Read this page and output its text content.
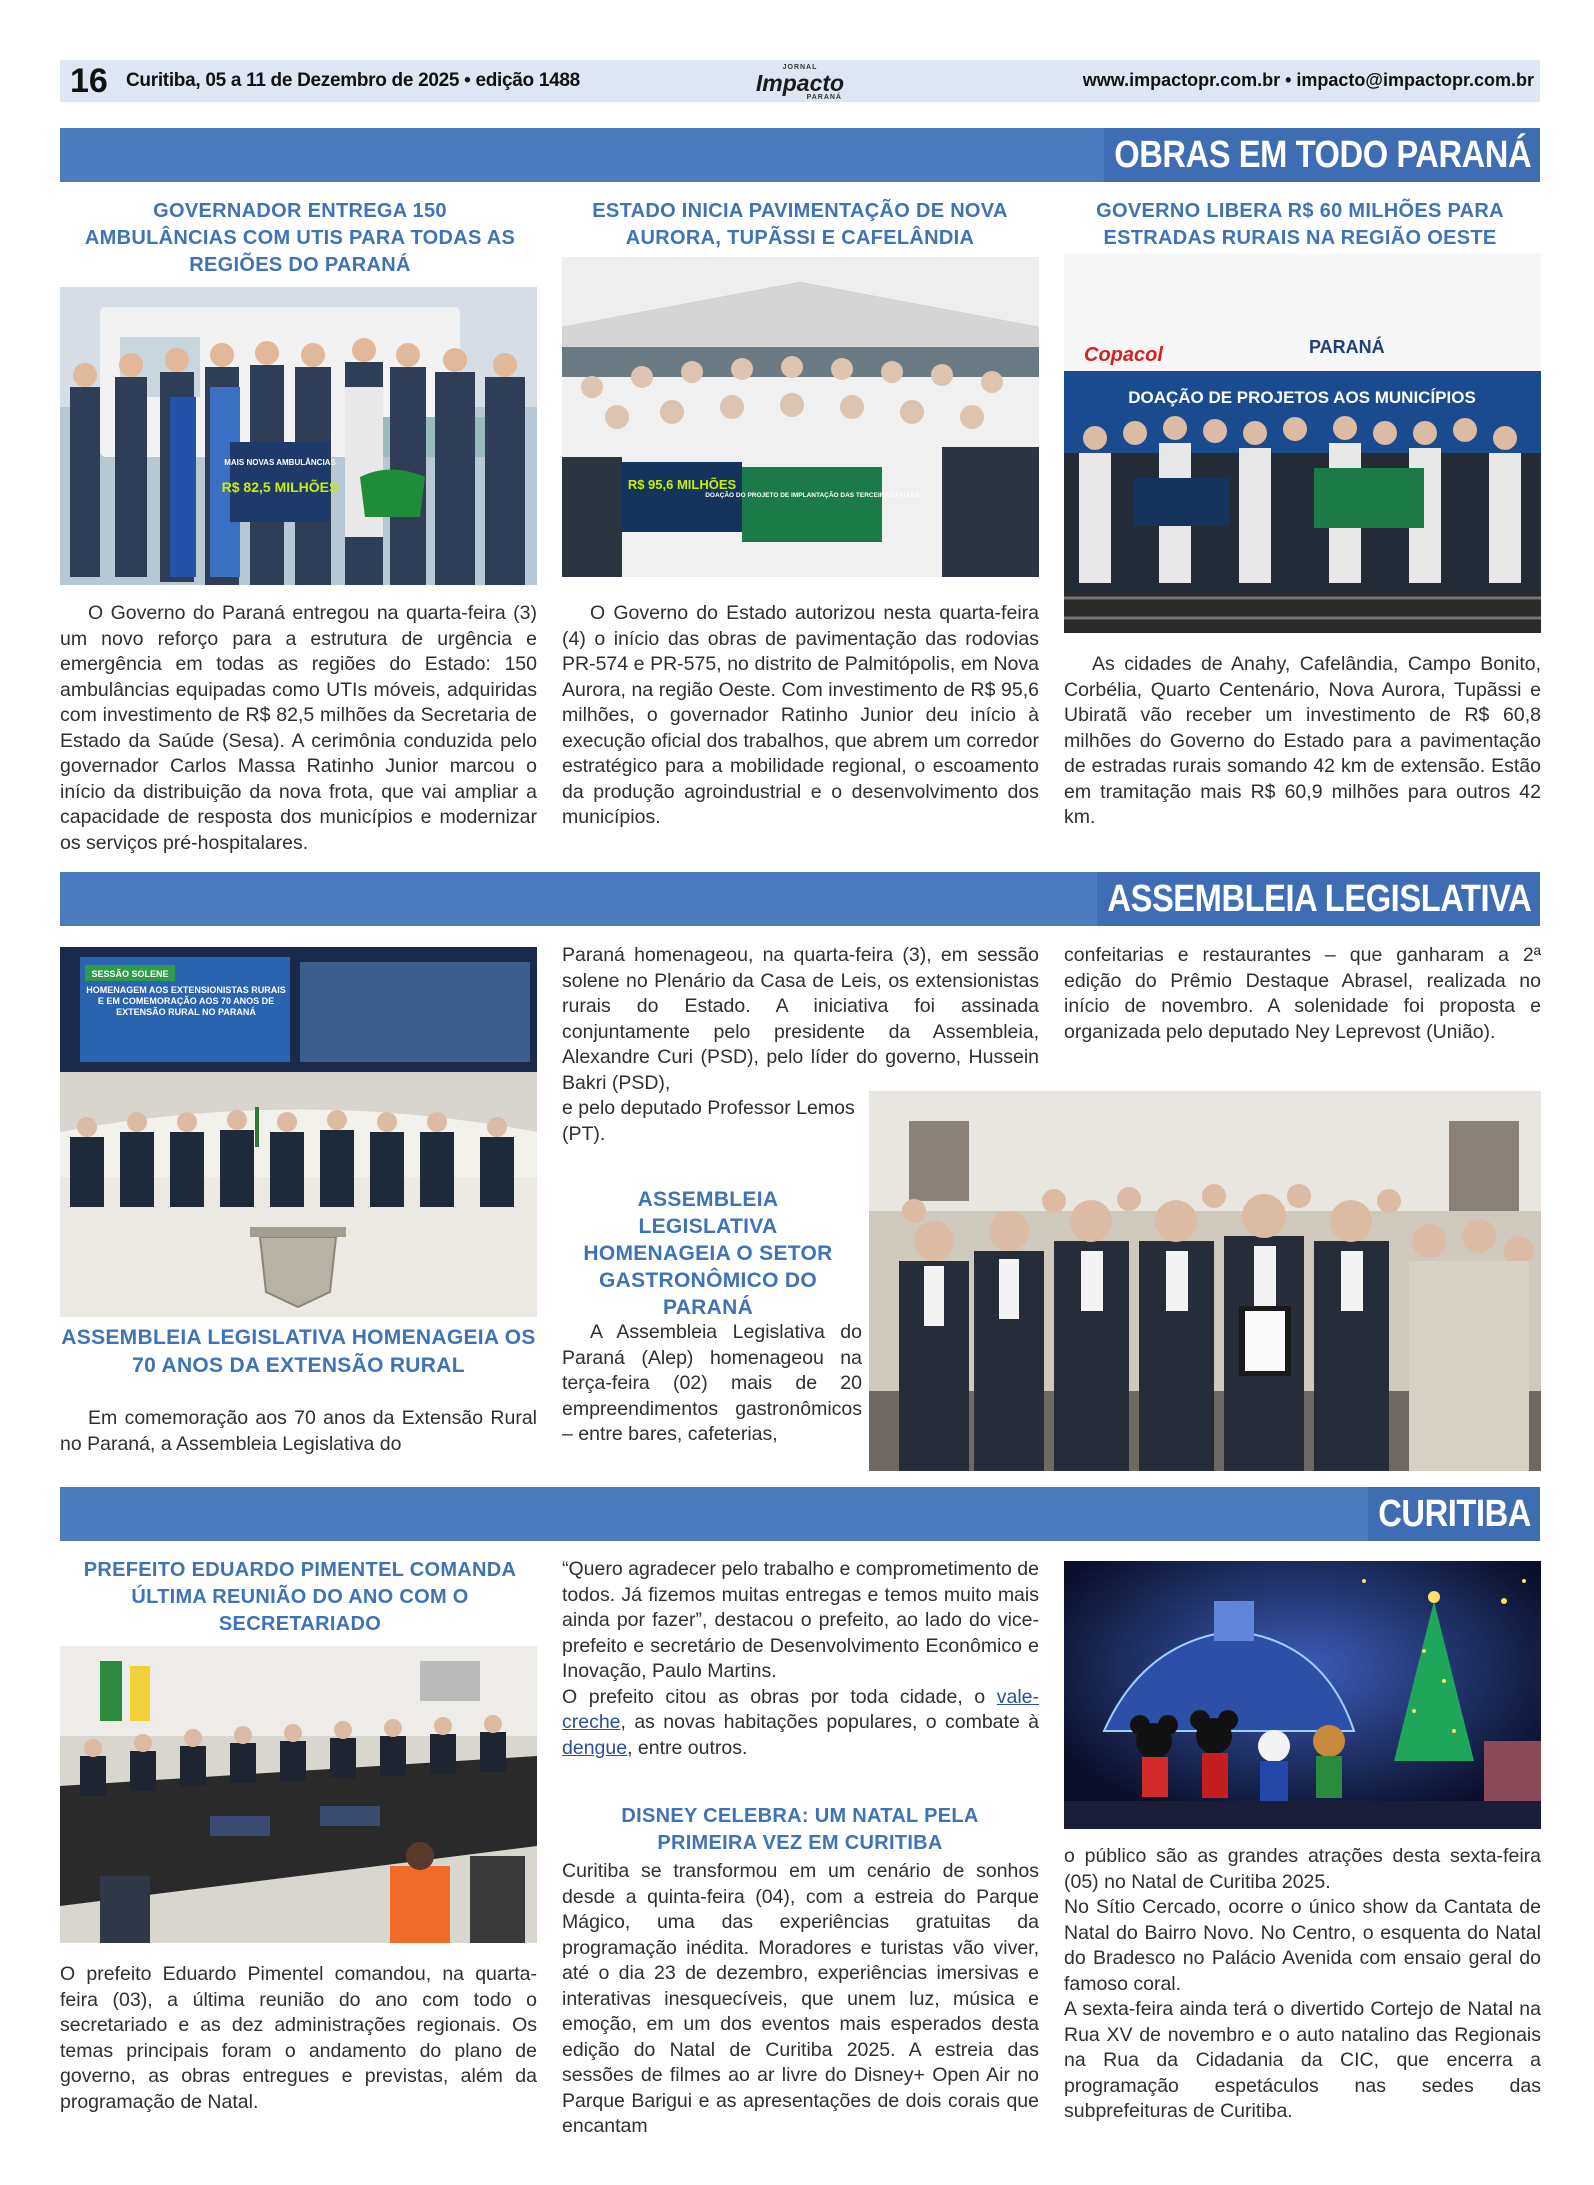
16 Curitiba, 05 a 11 de Dezembro de 2025 • edição 1488
JORNAL
Impacto
PARANÁ
www.impactopr.com.br • impacto@impactopr.com.br
OBRAS EM TODO PARANÁ
GOVERNADOR ENTREGA 150 AMBULÂNCIAS COM UTIS PARA TODAS AS REGIÕES DO PARANÁ
MAIS NOVAS AMBULÂNCIAS
R$ 82,5 MILHÕES

O Governo do Paraná entregou na quarta-feira (3) um novo reforço para a estrutura de urgência e emergência em todas as regiões do Estado: 150 ambulâncias equipadas como UTIs móveis, adquiridas com investimento de R$ 82,5 milhões da Secretaria de Estado da Saúde (Sesa). A cerimônia conduzida pelo governador Carlos Massa Ratinho Junior marcou o início da distribuição da nova frota, que vai ampliar a capacidade de resposta dos municípios e modernizar os serviços pré-hospitalares.

ESTADO INICIA PAVIMENTAÇÃO DE NOVA AURORA, TUPÃSSI E CAFELÂNDIA
R$ 95,6 MILHÕES
DOAÇÃO DO PROJETO DE IMPLANTAÇÃO DAS TERCEIRAS FAIXAS

O Governo do Estado autorizou nesta quarta-feira (4) o início das obras de pavimentação das rodovias PR-574 e PR-575, no distrito de Palmitópolis, em Nova Aurora, na região Oeste. Com investimento de R$ 95,6 milhões, o governador Ratinho Junior deu início à execução oficial dos trabalhos, que abrem um corredor estratégico para a mobilidade regional, o escoamento da produção agroindustrial e o desenvolvimento dos municípios.

GOVERNO LIBERA R$ 60 MILHÕES PARA ESTRADAS RURAIS NA REGIÃO OESTE
Copacol	PARANÁ
DOAÇÃO DE PROJETOS AOS MUNICÍPIOS

As cidades de Anahy, Cafelândia, Campo Bonito, Corbélia, Quarto Centenário, Nova Aurora, Tupãssi e Ubiratã vão receber um investimento de R$ 60,8 milhões do Governo do Estado para a pavimentação de estradas rurais somando 42 km de extensão. Estão em tramitação mais R$ 60,9 milhões para outros 42 km.

ASSEMBLEIA LEGISLATIVA
SESSÃO SOLENE
HOMENAGEM AOS EXTENSIONISTAS RURAIS E EM COMEMORAÇÃO AOS 70 ANOS DE EXTENSÃO RURAL NO PARANÁ
ASSEMBLEIA LEGISLATIVA HOMENAGEIA OS 70 ANOS DA EXTENSÃO RURAL

Em comemoração aos 70 anos da Extensão Rural no Paraná, a Assembleia Legislativa do

Paraná homenageou, na quarta-feira (3), em sessão solene no Plenário da Casa de Leis, os extensionistas rurais do Estado. A iniciativa foi assinada conjuntamente pelo presidente da Assembleia, Alexandre Curi (PSD), pelo líder do governo, Hussein Bakri (PSD),

e pelo deputado Professor Lemos (PT).

ASSEMBLEIA LEGISLATIVA HOMENAGEIA O SETOR GASTRONÔMICO DO PARANÁ

A Assembleia Legislativa do Paraná (Alep) homenageou na terça-feira (02) mais de 20 empreendimentos gastronômicos – entre bares, cafeterias,

confeitarias e restaurantes – que ganharam a 2ª edição do Prêmio Destaque Abrasel, realizada no início de novembro. A solenidade foi proposta e organizada pelo deputado Ney Leprevost (União).

CURITIBA
PREFEITO EDUARDO PIMENTEL COMANDA ÚLTIMA REUNIÃO DO ANO COM O SECRETARIADO

O prefeito Eduardo Pimentel comandou, na quarta-feira (03), a última reunião do ano com todo o secretariado e as dez administrações regionais. Os temas principais foram o andamento do plano de governo, as obras entregues e previstas, além da programação de Natal.

“Quero agradecer pelo trabalho e comprometimento de todos. Já fizemos muitas entregas e temos muito mais ainda por fazer”, destacou o prefeito, ao lado do vice-prefeito e secretário de Desenvolvimento Econômico e Inovação, Paulo Martins.

O prefeito citou as obras por toda cidade, o vale-creche, as novas habitações populares, o combate à dengue, entre outros.

DISNEY CELEBRA: UM NATAL PELA PRIMEIRA VEZ EM CURITIBA

Curitiba se transformou em um cenário de sonhos desde a quinta-feira (04), com a estreia do Parque Mágico, uma das experiências gratuitas da programação inédita. Moradores e turistas vão viver, até o dia 23 de dezembro, experiências imersivas e interativas inesquecíveis, que unem luz, música e emoção, em um dos eventos mais esperados desta edição do Natal de Curitiba 2025. A estreia das sessões de filmes ao ar livre do Disney+ Open Air no Parque Barigui e as apresentações de dois corais que encantam

o público são as grandes atrações desta sexta-feira (05) no Natal de Curitiba 2025.

No Sítio Cercado, ocorre o único show da Cantata de Natal do Bairro Novo. No Centro, o esquenta do Natal do Bradesco no Palácio Avenida com ensaio geral do famoso coral.

A sexta-feira ainda terá o divertido Cortejo de Natal na Rua XV de novembro e o auto natalino das Regionais na Rua da Cidadania da CIC, que encerra a programação espetáculos nas sedes das subprefeituras de Curitiba.
